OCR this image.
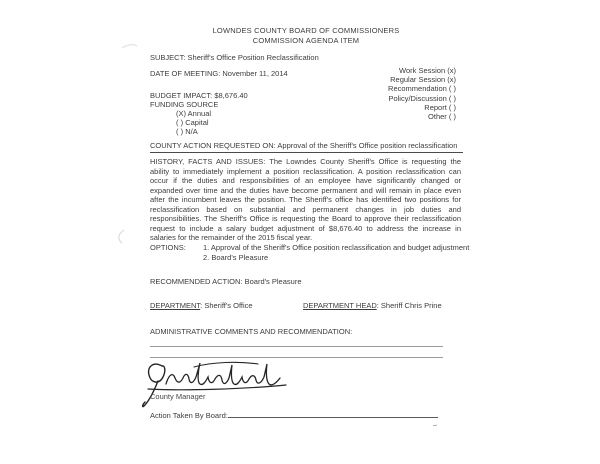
LOWNDES COUNTY BOARD OF COMMISSIONERS
COMMISSION AGENDA ITEM
SUBJECT: Sheriff's Office Position Reclassification
DATE OF MEETING: November 11, 2014	Work Session (x)
Regular Session (x)
Recommendation ( )
Policy/Discussion ( )
Report ( )
Other ( )
BUDGET IMPACT: $8,676.40
FUNDING SOURCE
(X) Annual
( ) Capital
( ) N/A
COUNTY ACTION REQUESTED ON: Approval of the Sheriff's Office position reclassification
HISTORY, FACTS AND ISSUES: The Lowndes County Sheriff's Office is requesting the ability to immediately implement a position reclassification. A position reclassification can occur if the duties and responsibilities of an employee have significantly changed or expanded over time and the duties have become permanent and will remain in place even after the incumbent leaves the position. The Sheriff's office has identified two positions for reclassification based on substantial and permanent changes in job duties and responsibilities. The Sheriff's Office is requesting the Board to approve their reclassification request to include a salary budget adjustment of $8,676.40 to address the increase in salaries for the remainder of the 2015 fiscal year.
OPTIONS:	1. Approval of the Sheriff's Office position reclassification and budget adjustment
2. Board's Pleasure
RECOMMENDED ACTION: Board's Pleasure
DEPARTMENT: Sheriff's Office	DEPARTMENT HEAD: Sheriff Chris Prine
ADMINISTRATIVE COMMENTS AND RECOMMENDATION:
County Manager
Action Taken By Board:
